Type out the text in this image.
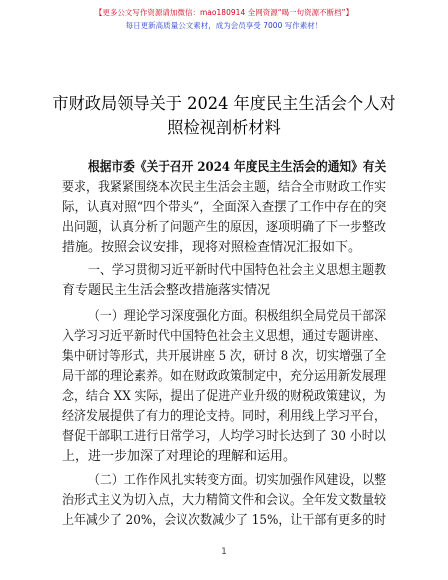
【更多公文写作资源请加微信：mao180914 全网资源“喝一句资源不断档”】
每日更新高质量公文素材，成为会员享受 7000 写作素材！
市财政局领导关于 2024 年度民主生活会个人对
照检视剖析材料
根据市委《关于召开 2024 年度民主生活会的通知》有关
要求，我紧紧围绕本次民主生活会主题，结合全市财政工作实
际，认真对照“四个带头”，全面深入查摆了工作中存在的突
出问题，认真分析了问题产生的原因，逐项明确了下一步整改
措施。按照会议安排，现将对照检查情况汇报如下。
一、学习贯彻习近平新时代中国特色社会主义思想主题教
育专题民主生活会整改措施落实情况
（一）理论学习深度强化方面。积极组织全局党员干部深
入学习习近平新时代中国特色社会主义思想，通过专题讲座、
集中研讨等形式，共开展讲座 5 次，研讨 8 次，切实增强了全
局干部的理论素养。如在财政政策制定中，充分运用新发展理
念，结合 XX 实际，提出了促进产业升级的财税政策建议，为
经济发展提供了有力的理论支持。同时，利用线上学习平台，
督促干部职工进行日常学习，人均学习时长达到了 30 小时以
上，进一步加深了对理论的理解和运用。
（二）工作作风扎实转变方面。切实加强作风建设，以整
治形式主义为切入点，大力精简文件和会议。全年发文数量较
上年减少了 20%，会议次数减少了 15%，让干部有更多的时
1
